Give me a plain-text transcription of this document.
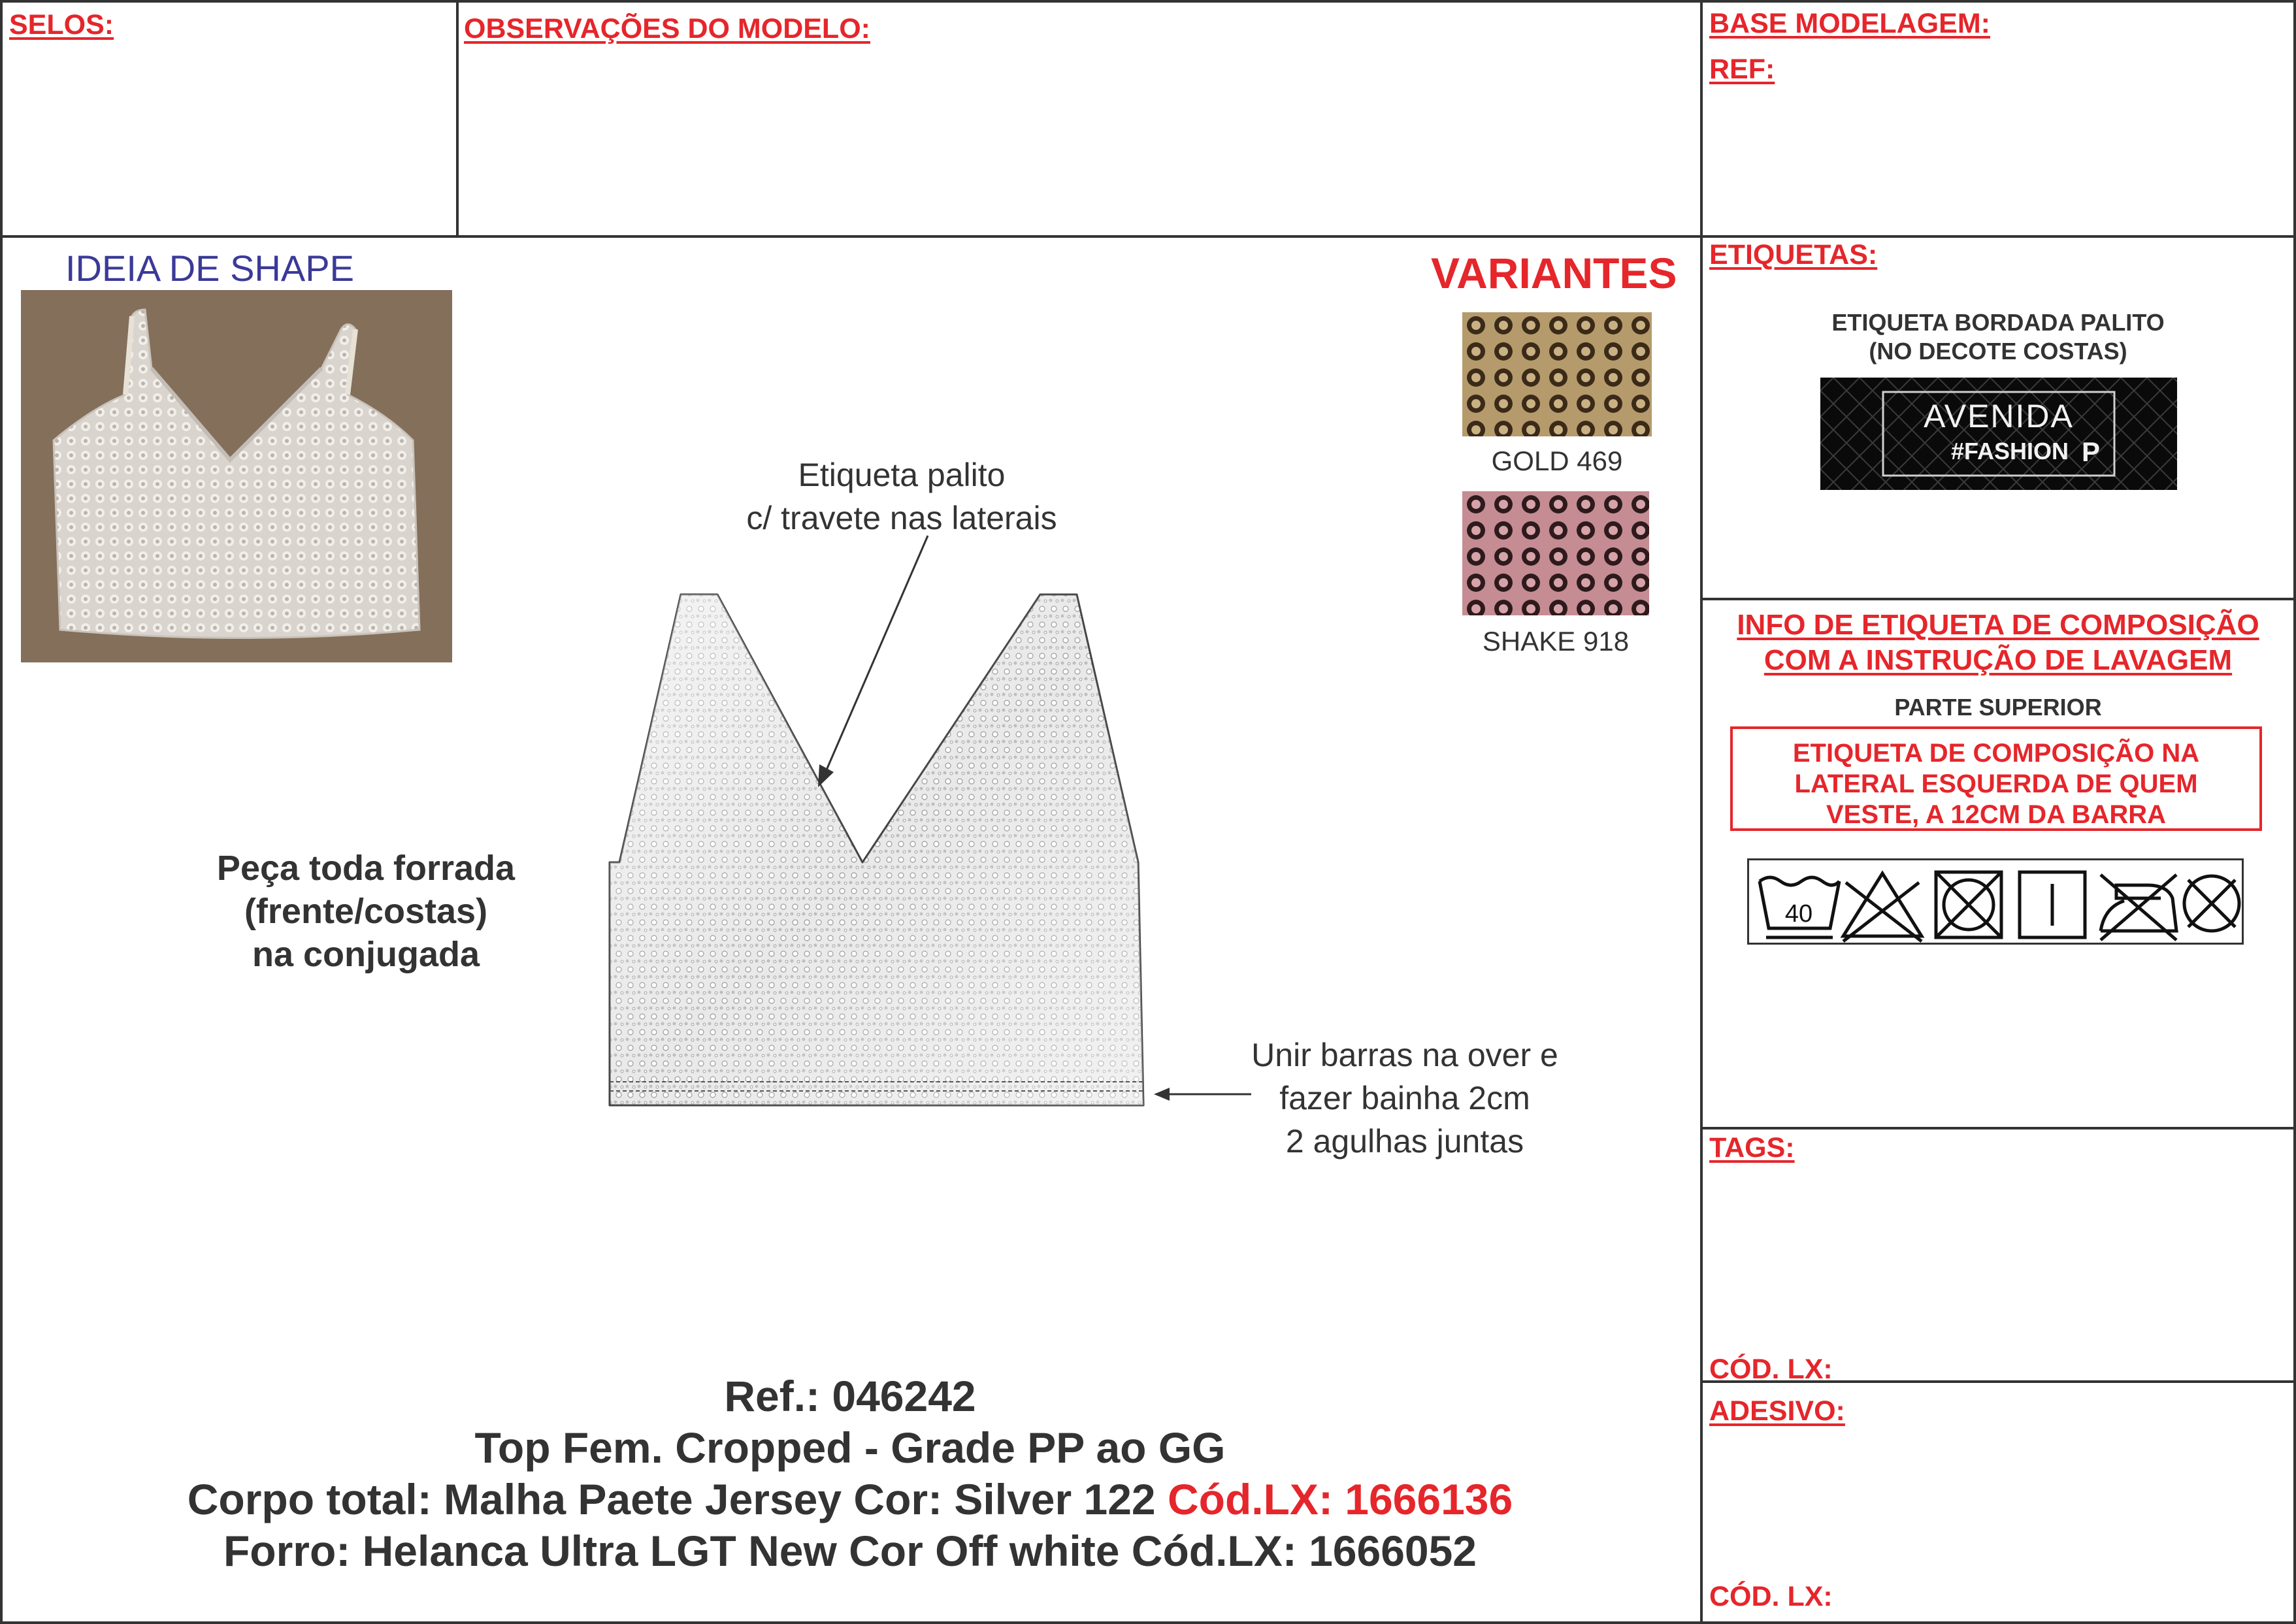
SELOS:	OBSERVAÇÕES DO MODELO:	BASE MODELAGEM:
REF:
IDEIA DE SHAPE	VARIANTES
GOLD 469
SHAKE 918
Etiqueta palito
c/ travete nas laterais
Unir barras na over e
fazer bainha 2cm
2 agulhas juntas
Peça toda forrada
(frente/costas)
na conjugada
Ref.: 046242
Top Fem. Cropped - Grade PP ao GG
Corpo total: Malha Paete Jersey Cor: Silver 122 Cód.LX: 1666136
Forro: Helanca Ultra LGT New Cor Off white Cód.LX: 1666052
ETIQUETAS:
ETIQUETA BORDADA PALITO
(NO DECOTE COSTAS)
AVENIDA
#FASHION P
INFO DE ETIQUETA DE COMPOSIÇÃO
COM A INSTRUÇÃO DE LAVAGEM
PARTE SUPERIOR
ETIQUETA DE COMPOSIÇÃO NA
LATERAL ESQUERDA DE QUEM
VESTE, A 12CM DA BARRA
40
TAGS:
CÓD. LX:
ADESIVO:
CÓD. LX:
